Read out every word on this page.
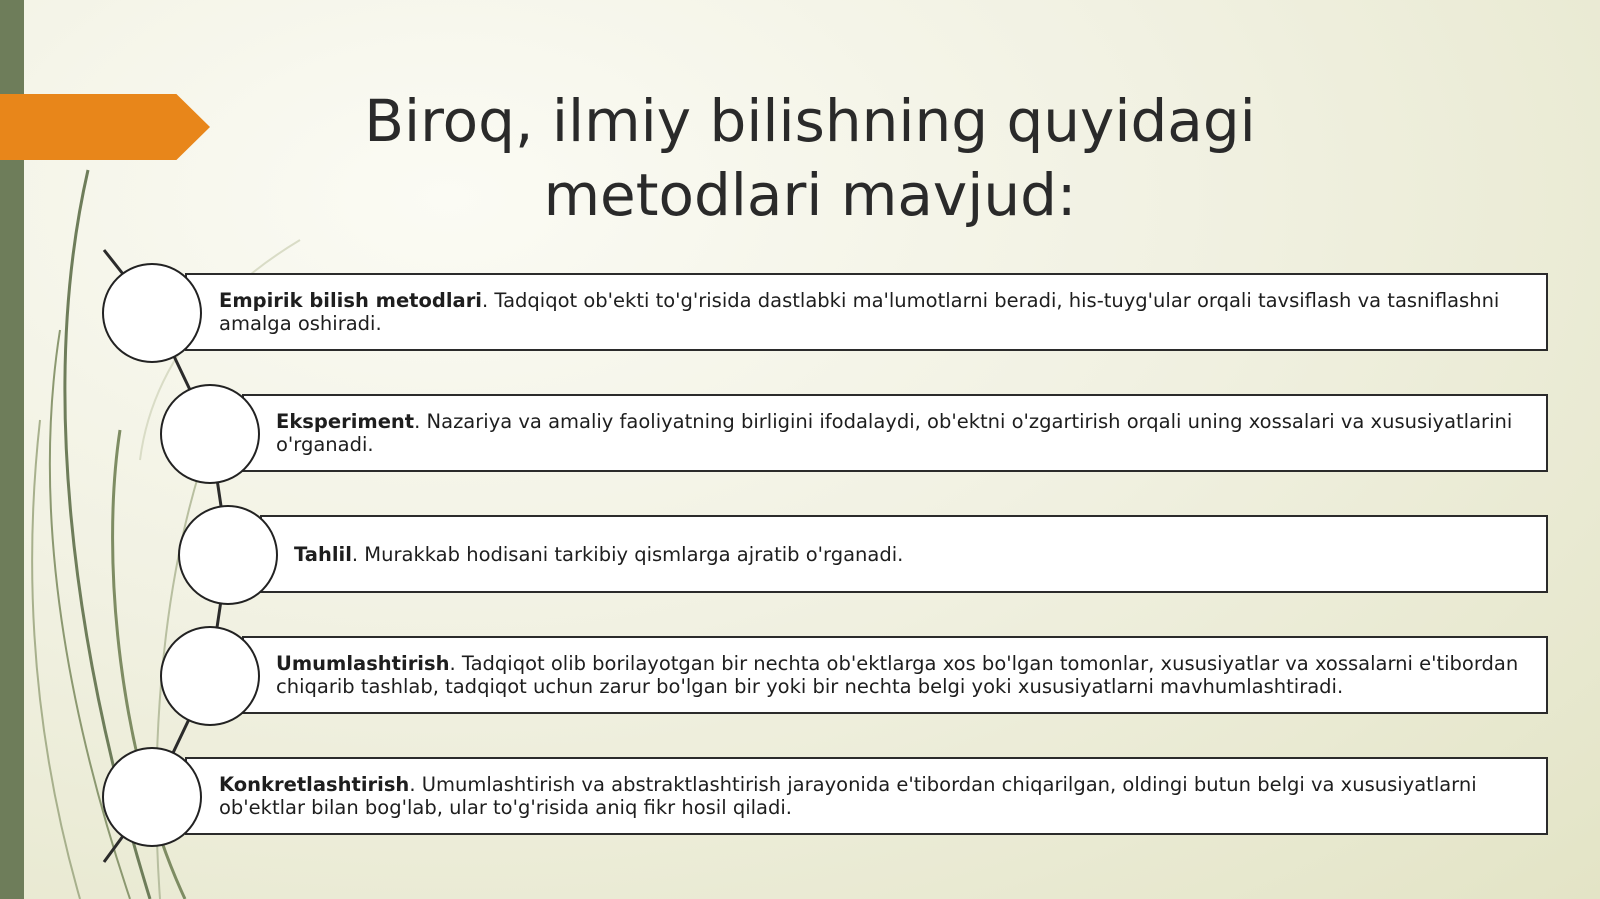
Biroq, ilmiy bilishning quyidagi
metodlari mavjud:
Empirik bilish metodlari. Tadqiqot ob'ekti to'g'risida dastlabki ma'lumotlarni beradi, his-tuyg'ular orqali tavsiflash va tasniflashni amalga oshiradi.
Eksperiment. Nazariya va amaliy faoliyatning birligini ifodalaydi, ob'ektni o'zgartirish orqali uning xossalari va xususiyatlarini o'rganadi.
Tahlil. Murakkab hodisani tarkibiy qismlarga ajratib o'rganadi.
Umumlashtirish. Tadqiqot olib borilayotgan bir nechta ob'ektlarga xos bo'lgan tomonlar, xususiyatlar va xossalarni e'tibordan chiqarib tashlab, tadqiqot uchun zarur bo'lgan bir yoki bir nechta belgi yoki xususiyatlarni mavhumlashtiradi.
Konkretlashtirish. Umumlashtirish va abstraktlashtirish jarayonida e'tibordan chiqarilgan, oldingi butun belgi va xususiyatlarni ob'ektlar bilan bog'lab, ular to'g'risida aniq fikr hosil qiladi.
